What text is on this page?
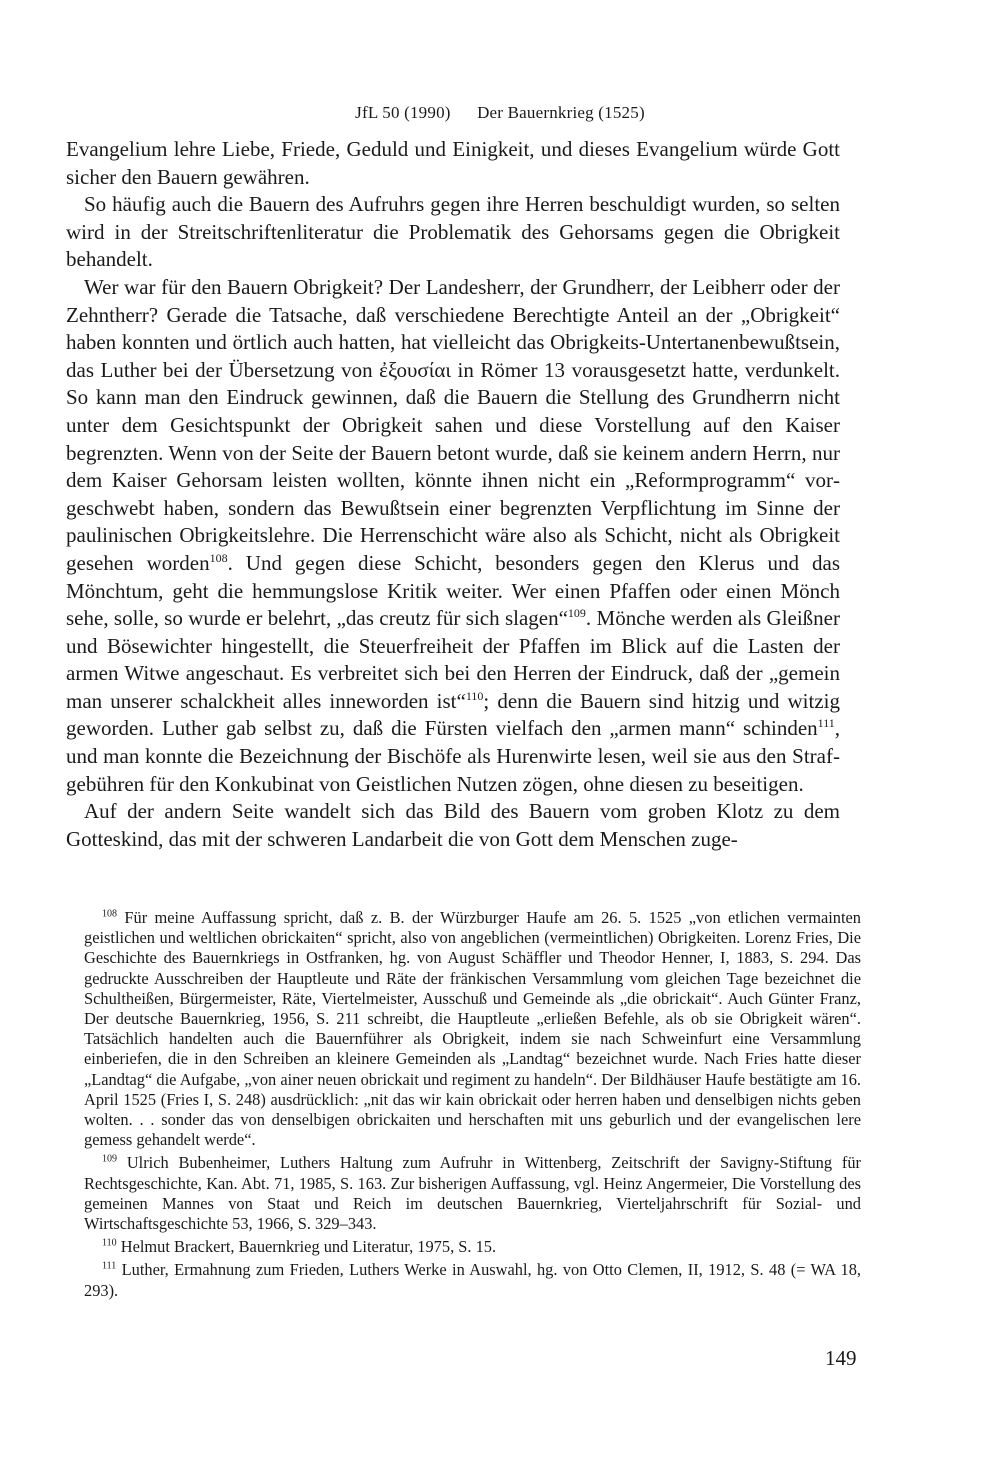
JfL 50 (1990) Der Bauernkrieg (1525)

Evangelium lehre Liebe, Friede, Geduld und Einigkeit, und dieses Evangelium würde Gott sicher den Bauern gewähren.

So häufig auch die Bauern des Aufruhrs gegen ihre Herren beschuldigt wurden, so selten wird in der Streitschriftenliteratur die Problematik des Gehorsams gegen die Obrigkeit behandelt.

Wer war für den Bauern Obrigkeit? Der Landesherr, der Grundherr, der Leibherr oder der Zehntherr? Gerade die Tatsache, daß verschiedene Berechtigte Anteil an der „Obrigkeit“ haben konnten und örtlich auch hatten, hat vielleicht das Obrigkeits-Untertanenbewußtsein, das Luther bei der Übersetzung von ἐξουσίαι in Römer 13 vorausgesetzt hatte, verdunkelt. So kann man den Eindruck gewinnen, daß die Bauern die Stellung des Grundherrn nicht unter dem Gesichtspunkt der Obrigkeit sahen und diese Vorstellung auf den Kaiser begrenzten. Wenn von der Seite der Bauern betont wurde, daß sie keinem andern Herrn, nur dem Kaiser Gehorsam leisten wollten, könnte ihnen nicht ein „Reformprogramm“ vorgeschwebt haben, sondern das Bewußtsein einer begrenzten Verpflichtung im Sinne der paulinischen Obrigkeitslehre. Die Herrenschicht wäre also als Schicht, nicht als Obrigkeit gesehen worden$^{108}$. Und gegen diese Schicht, besonders gegen den Klerus und das Mönchtum, geht die hemmungslose Kritik weiter. Wer einen Pfaffen oder einen Mönch sehe, solle, so wurde er belehrt, „das creutz für sich slagen“$^{109}$. Mönche werden als Gleißner und Bösewichter hingestellt, die Steuerfreiheit der Pfaffen im Blick auf die Lasten der armen Witwe angeschaut. Es verbreitet sich bei den Herren der Eindruck, daß der „gemein man unserer schalckheit alles inneworden ist“$^{110}$; denn die Bauern sind hitzig und witzig geworden. Luther gab selbst zu, daß die Fürsten vielfach den „armen mann“ schinden$^{111}$, und man konnte die Bezeichnung der Bischöfe als Hurenwirte lesen, weil sie aus den Strafgebühren für den Konkubinat von Geistlichen Nutzen zögen, ohne diesen zu beseitigen.

Auf der andern Seite wandelt sich das Bild des Bauern vom groben Klotz zu dem Gotteskind, das mit der schweren Landarbeit die von Gott dem Menschen zuge-

$^{108}$ Für meine Auffassung spricht, daß z. B. der Würzburger Haufe am 26. 5. 1525 „von etlichen vermainten geistlichen und weltlichen obrickaiten“ spricht, also von angeblichen (vermeintlichen) Obrigkeiten. Lorenz Fries, Die Geschichte des Bauernkriegs in Ostfranken, hg. von August Schäffler und Theodor Henner, I, 1883, S. 294. Das gedruckte Ausschreiben der Hauptleute und Räte der fränkischen Versammlung vom gleichen Tage bezeichnet die Schultheißen, Bürgermeister, Räte, Viertelmeister, Ausschuß und Gemeinde als „die obrickait“. Auch Günter Franz, Der deutsche Bauernkrieg, 1956, S. 211 schreibt, die Hauptleute „erließen Befehle, als ob sie Obrigkeit wären“. Tatsächlich handelten auch die Bauernführer als Obrigkeit, indem sie nach Schweinfurt eine Versammlung einberiefen, die in den Schreiben an kleinere Gemeinden als „Landtag“ bezeichnet wurde. Nach Fries hatte dieser „Landtag“ die Aufgabe, „von ainer neuen obrickait und regiment zu handeln“. Der Bildhäuser Haufe bestätigte am 16. April 1525 (Fries I, S. 248) ausdrücklich: „nit das wir kain obrickait oder herren haben und denselbigen nichts geben wolten. . . sonder das von denselbigen obrickaiten und herschaften mit uns geburlich und der evangelischen lere gemess gehandelt werde“.

$^{109}$ Ulrich Bubenheimer, Luthers Haltung zum Aufruhr in Wittenberg, Zeitschrift der Savigny-Stiftung für Rechtsgeschichte, Kan. Abt. 71, 1985, S. 163. Zur bisherigen Auffassung, vgl. Heinz Angermeier, Die Vorstellung des gemeinen Mannes von Staat und Reich im deutschen Bauernkrieg, Vierteljahrschrift für Sozial- und Wirtschaftsgeschichte 53, 1966, S. 329–343.

$^{110}$ Helmut Brackert, Bauernkrieg und Literatur, 1975, S. 15.

$^{111}$ Luther, Ermahnung zum Frieden, Luthers Werke in Auswahl, hg. von Otto Clemen, II, 1912, S. 48 (= WA 18, 293).

149
